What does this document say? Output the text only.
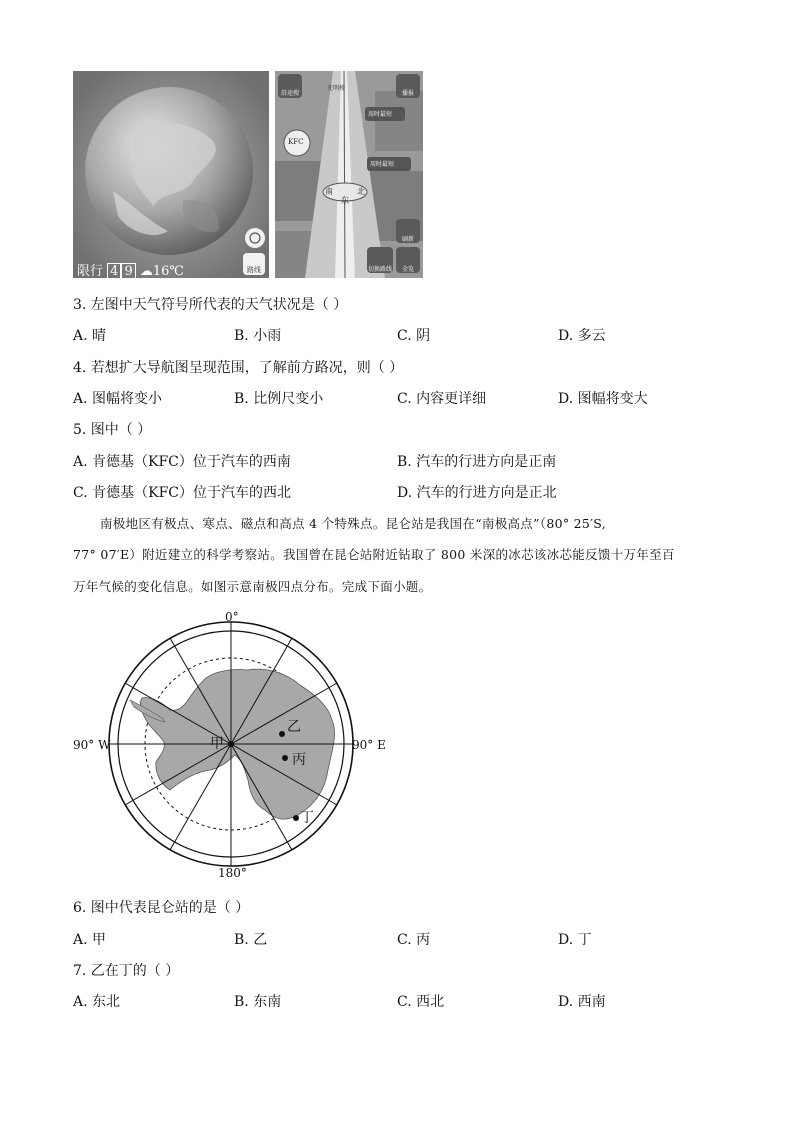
限行 4 9 ☁16℃	路线
沿途搜	播报
光明桥
用时最短
用时最短
KFC
南	北
东
刷新
切换路线	全览
3. 左图中天气符号所代表的天气状况是（ ）
A. 晴	B. 小雨	C. 阴	D. 多云
4. 若想扩大导航图呈现范围，了解前方路况，则（ ）
A. 图幅将变小	B. 比例尺变小	C. 内容更详细	D. 图幅将变大
5. 图中（ ）
A. 肯德基（KFC）位于汽车的西南	B. 汽车的行进方向是正南
C. 肯德基（KFC）位于汽车的西北	D. 汽车的行进方向是正北
南极地区有极点、寒点、磁点和高点 4 个特殊点。昆仑站是我国在“南极高点”（80° 25′S,
77° 07′E）附近建立的科学考察站。我国曾在昆仑站附近钻取了 800 米深的冰芯该冰芯能反馈十万年至百
万年气候的变化信息。如图示意南极四点分布。完成下面小题。
0°
180°
90° W	90° E
甲
乙
丙
丁
6. 图中代表昆仑站的是（ ）
A. 甲	B. 乙	C. 丙	D. 丁
7. 乙在丁的（ ）
A. 东北	B. 东南	C. 西北	D. 西南
